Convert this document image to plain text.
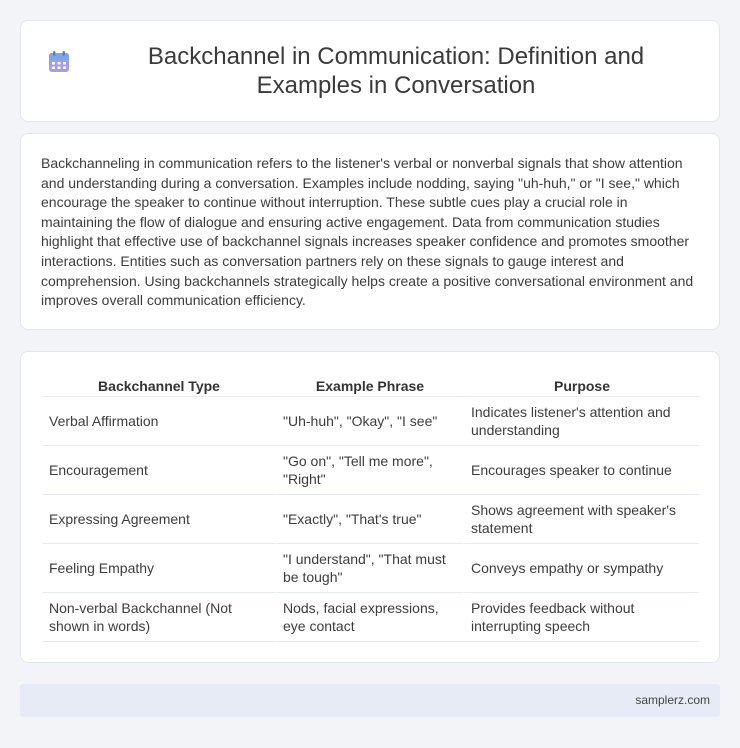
Backchannel in Communication: Definition and Examples in Conversation

Backchanneling in communication refers to the listener's verbal or nonverbal signals that show attention and understanding during a conversation. Examples include nodding, saying "uh-huh," or "I see," which encourage the speaker to continue without interruption. These subtle cues play a crucial role in maintaining the flow of dialogue and ensuring active engagement. Data from communication studies highlight that effective use of backchannel signals increases speaker confidence and promotes smoother interactions. Entities such as conversation partners rely on these signals to gauge interest and comprehension. Using backchannels strategically helps create a positive conversational environment and improves overall communication efficiency.

Backchannel Type	Example Phrase	Purpose
Verbal Affirmation	"Uh-huh", "Okay", "I see"	Indicates listener's attention and understanding
Encouragement	"Go on", "Tell me more", "Right"	Encourages speaker to continue
Expressing Agreement	"Exactly", "That's true"	Shows agreement with speaker's statement
Feeling Empathy	"I understand", "That must be tough"	Conveys empathy or sympathy
Non-verbal Backchannel (Not shown in words)	Nods, facial expressions, eye contact	Provides feedback without interrupting speech
samplerz.com
